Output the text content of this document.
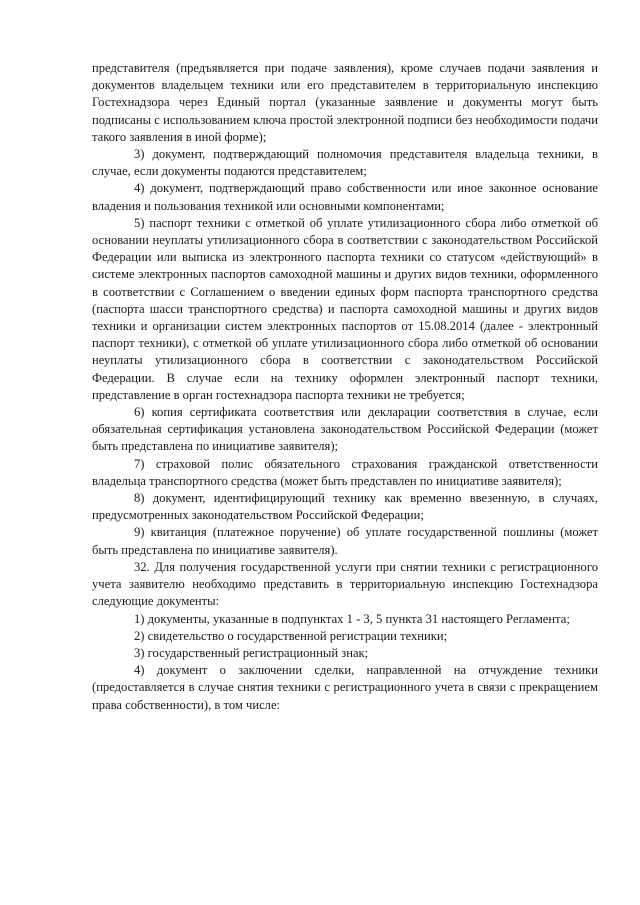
представителя (предъявляется при подаче заявления), кроме случаев подачи заявления и документов владельцем техники или его представителем в территориальную инспекцию Гостехнадзора через Единый портал (указанные заявление и документы могут быть подписаны с использованием ключа простой электронной подписи без необходимости подачи такого заявления в иной форме);

3) документ, подтверждающий полномочия представителя владельца техники, в случае, если документы подаются представителем;

4) документ, подтверждающий право собственности или иное законное основание владения и пользования техникой или основными компонентами;

5) паспорт техники с отметкой об уплате утилизационного сбора либо отметкой об основании неуплаты утилизационного сбора в соответствии с законодательством Российской Федерации или выписка из электронного паспорта техники со статусом «действующий» в системе электронных паспортов самоходной машины и других видов техники, оформленного в соответствии с Соглашением о введении единых форм паспорта транспортного средства (паспорта шасси транспортного средства) и паспорта самоходной машины и других видов техники и организации систем электронных паспортов от 15.08.2014 (далее - электронный паспорт техники), с отметкой об уплате утилизационного сбора либо отметкой об основании неуплаты утилизационного сбора в соответствии с законодательством Российской Федерации. В случае если на технику оформлен электронный паспорт техники, представление в орган гостехнадзора паспорта техники не требуется;

6) копия сертификата соответствия или декларации соответствия в случае, если обязательная сертификация установлена законодательством Российской Федерации (может быть представлена по инициативе заявителя);

7) страховой полис обязательного страхования гражданской ответственности владельца транспортного средства (может быть представлен по инициативе заявителя);

8) документ, идентифицирующий технику как временно ввезенную, в случаях, предусмотренных законодательством Российской Федерации;

9) квитанция (платежное поручение) об уплате государственной пошлины (может быть представлена по инициативе заявителя).

32. Для получения государственной услуги при снятии техники с регистрационного учета заявителю необходимо представить в территориальную инспекцию Гостехнадзора следующие документы:

1) документы, указанные в подпунктах 1 - 3, 5 пункта 31 настоящего Регламента;

2) свидетельство о государственной регистрации техники;

3) государственный регистрационный знак;

4) документ о заключении сделки, направленной на отчуждение техники (предоставляется в случае снятия техники с регистрационного учета в связи с прекращением права собственности), в том числе:
